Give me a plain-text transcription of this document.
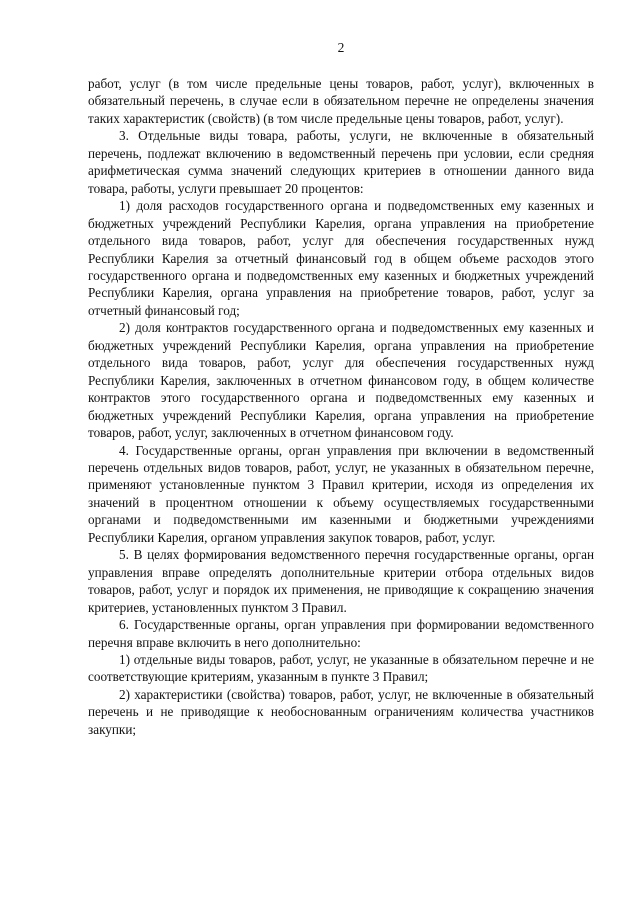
2

работ, услуг (в том числе предельные цены товаров, работ, услуг), включенных в обязательный перечень, в случае если в обязательном перечне не определены значения таких характеристик (свойств) (в том числе предельные цены товаров, работ, услуг).

3. Отдельные виды товара, работы, услуги, не включенные в обязательный перечень, подлежат включению в ведомственный перечень при условии, если средняя арифметическая сумма значений следующих критериев в отношении данного вида товара, работы, услуги превышает 20 процентов:

1) доля расходов государственного органа и подведомственных ему казенных и бюджетных учреждений Республики Карелия, органа управления на приобретение отдельного вида товаров, работ, услуг для обеспечения государственных нужд Республики Карелия за отчетный финансовый год в общем объеме расходов этого государственного органа и подведомственных ему казенных и бюджетных учреждений Республики Карелия, органа управления на приобретение товаров, работ, услуг за отчетный финансовый год;

2) доля контрактов государственного органа и подведомственных ему казенных и бюджетных учреждений Республики Карелия, органа управления на приобретение отдельного вида товаров, работ, услуг для обеспечения государственных нужд Республики Карелия, заключенных в отчетном финансовом году, в общем количестве контрактов этого государственного органа и подведомственных ему казенных и бюджетных учреждений Республики Карелия, органа управления на приобретение товаров, работ, услуг, заключенных в отчетном финансовом году.

4. Государственные органы, орган управления при включении в ведомственный перечень отдельных видов товаров, работ, услуг, не указанных в обязательном перечне, применяют установленные пунктом 3 Правил критерии, исходя из определения их значений в процентном отношении к объему осуществляемых государственными органами и подведомственными им казенными и бюджетными учреждениями Республики Карелия, органом управления закупок товаров, работ, услуг.

5. В целях формирования ведомственного перечня государственные органы, орган управления вправе определять дополнительные критерии отбора отдельных видов товаров, работ, услуг и порядок их применения, не приводящие к сокращению значения критериев, установленных пунктом 3 Правил.

6. Государственные органы, орган управления при формировании ведомственного перечня вправе включить в него дополнительно:

1) отдельные виды товаров, работ, услуг, не указанные в обязательном перечне и не соответствующие критериям, указанным в пункте 3 Правил;

2) характеристики (свойства) товаров, работ, услуг, не включенные в обязательный перечень и не приводящие к необоснованным ограничениям количества участников закупки;
